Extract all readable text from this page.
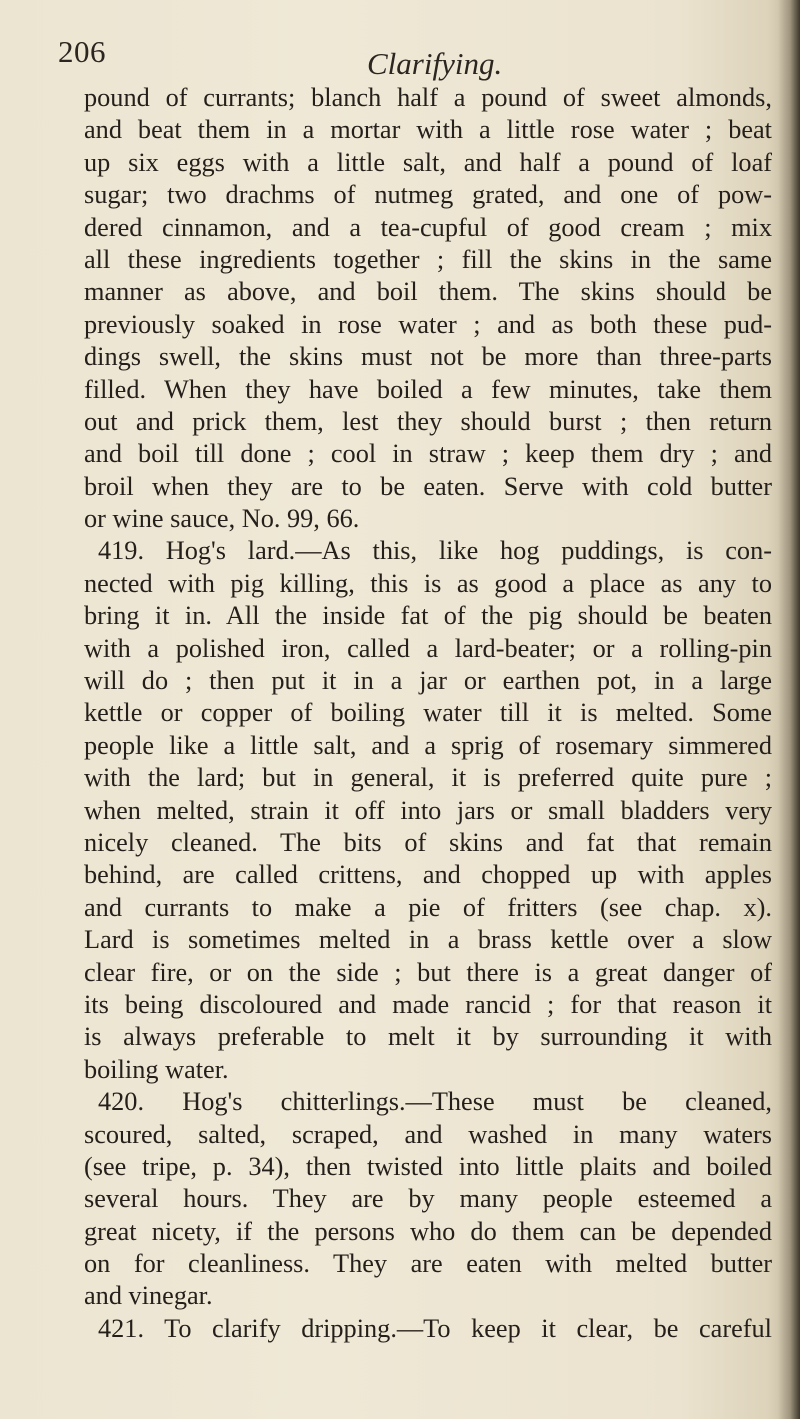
206	Clarifying.
pound of currants; blanch half a pound of sweet almonds,
and beat them in a mortar with a little rose water ; beat
up six eggs with a little salt, and half a pound of loaf
sugar; two drachms of nutmeg grated, and one of pow-
dered cinnamon, and a tea-cupful of good cream ; mix
all these ingredients together ; fill the skins in the same
manner as above, and boil them. The skins should be
previously soaked in rose water ; and as both these pud-
dings swell, the skins must not be more than three-parts
filled. When they have boiled a few minutes, take them
out and prick them, lest they should burst ; then return
and boil till done ; cool in straw ; keep them dry ; and
broil when they are to be eaten. Serve with cold butter
or wine sauce, No. 99, 66.
419. Hog's lard.—As this, like hog puddings, is con-
nected with pig killing, this is as good a place as any to
bring it in. All the inside fat of the pig should be beaten
with a polished iron, called a lard-beater; or a rolling-pin
will do ; then put it in a jar or earthen pot, in a large
kettle or copper of boiling water till it is melted. Some
people like a little salt, and a sprig of rosemary simmered
with the lard; but in general, it is preferred quite pure ;
when melted, strain it off into jars or small bladders very
nicely cleaned. The bits of skins and fat that remain
behind, are called crittens, and chopped up with apples
and currants to make a pie of fritters (see chap. x).
Lard is sometimes melted in a brass kettle over a slow
clear fire, or on the side ; but there is a great danger of
its being discoloured and made rancid ; for that reason it
is always preferable to melt it by surrounding it with
boiling water.
420. Hog's chitterlings.—These must be cleaned,
scoured, salted, scraped, and washed in many waters
(see tripe, p. 34), then twisted into little plaits and boiled
several hours. They are by many people esteemed a
great nicety, if the persons who do them can be depended
on for cleanliness. They are eaten with melted butter
and vinegar.
421. To clarify dripping.—To keep it clear, be careful
